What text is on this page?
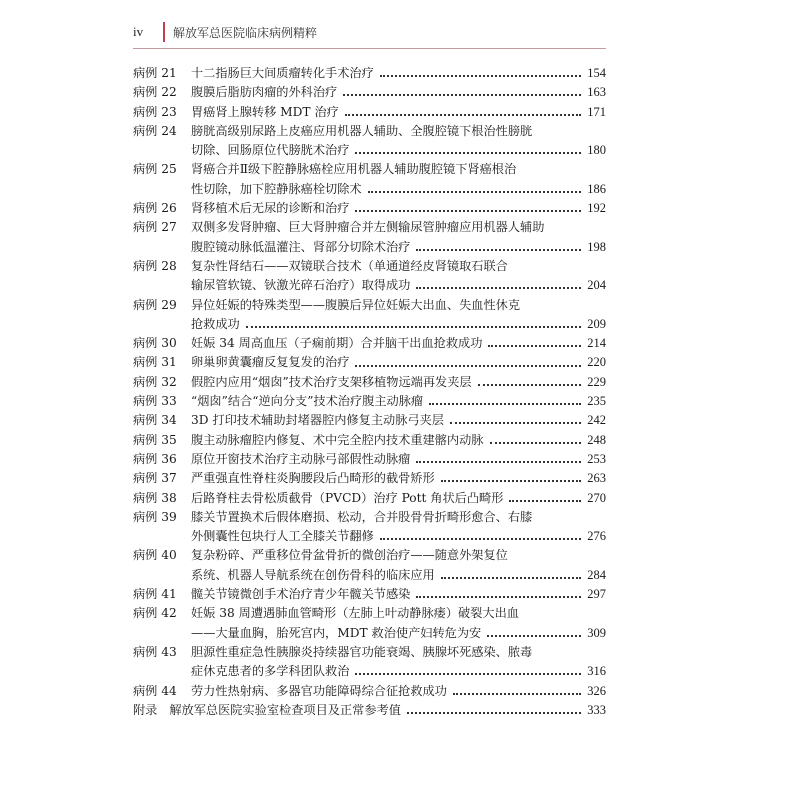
iv 解放军总医院临床病例精粹
病例 21 十二指肠巨大间质瘤转化手术治疗	154
病例 22 腹膜后脂肪肉瘤的外科治疗	163
病例 23 胃癌肾上腺转移 MDT 治疗	171
病例 24 膀胱高级别尿路上皮癌应用机器人辅助、全腹腔镜下根治性膀胱
切除、回肠原位代膀胱术治疗	180
病例 25 肾癌合并Ⅱ级下腔静脉癌栓应用机器人辅助腹腔镜下肾癌根治
性切除，加下腔静脉癌栓切除术	186
病例 26 肾移植术后无尿的诊断和治疗	192
病例 27 双侧多发肾肿瘤、巨大肾肿瘤合并左侧输尿管肿瘤应用机器人辅助
腹腔镜动脉低温灌注、肾部分切除术治疗	198
病例 28 复杂性肾结石——双镜联合技术（单通道经皮肾镜取石联合
输尿管软镜、钬激光碎石治疗）取得成功	204
病例 29 异位妊娠的特殊类型——腹膜后异位妊娠大出血、失血性休克
抢救成功	209
病例 30 妊娠 34 周高血压（子痫前期）合并脑干出血抢救成功	214
病例 31 卵巢卵黄囊瘤反复复发的治疗	220
病例 32 假腔内应用“烟囱”技术治疗支架移植物远端再发夹层	229
病例 33 “烟囱”结合“逆向分支”技术治疗腹主动脉瘤	235
病例 34 3D 打印技术辅助封堵器腔内修复主动脉弓夹层	242
病例 35 腹主动脉瘤腔内修复、术中完全腔内技术重建髂内动脉	248
病例 36 原位开窗技术治疗主动脉弓部假性动脉瘤	253
病例 37 严重强直性脊柱炎胸腰段后凸畸形的截骨矫形	263
病例 38 后路脊柱去骨松质截骨（PVCD）治疗 Pott 角状后凸畸形	270
病例 39 膝关节置换术后假体磨损、松动，合并股骨骨折畸形愈合、右膝
外侧囊性包块行人工全膝关节翻修	276
病例 40 复杂粉碎、严重移位骨盆骨折的微创治疗——随意外架复位
系统、机器人导航系统在创伤骨科的临床应用	284
病例 41 髋关节镜微创手术治疗青少年髋关节感染	297
病例 42 妊娠 38 周遭遇肺血管畸形（左肺上叶动静脉瘘）破裂大出血
——大量血胸，胎死宫内，MDT 救治使产妇转危为安	309
病例 43 胆源性重症急性胰腺炎持续器官功能衰竭、胰腺坏死感染、脓毒
症休克患者的多学科团队救治	316
病例 44 劳力性热射病、多器官功能障碍综合征抢救成功	326
附录 解放军总医院实验室检查项目及正常参考值	333
